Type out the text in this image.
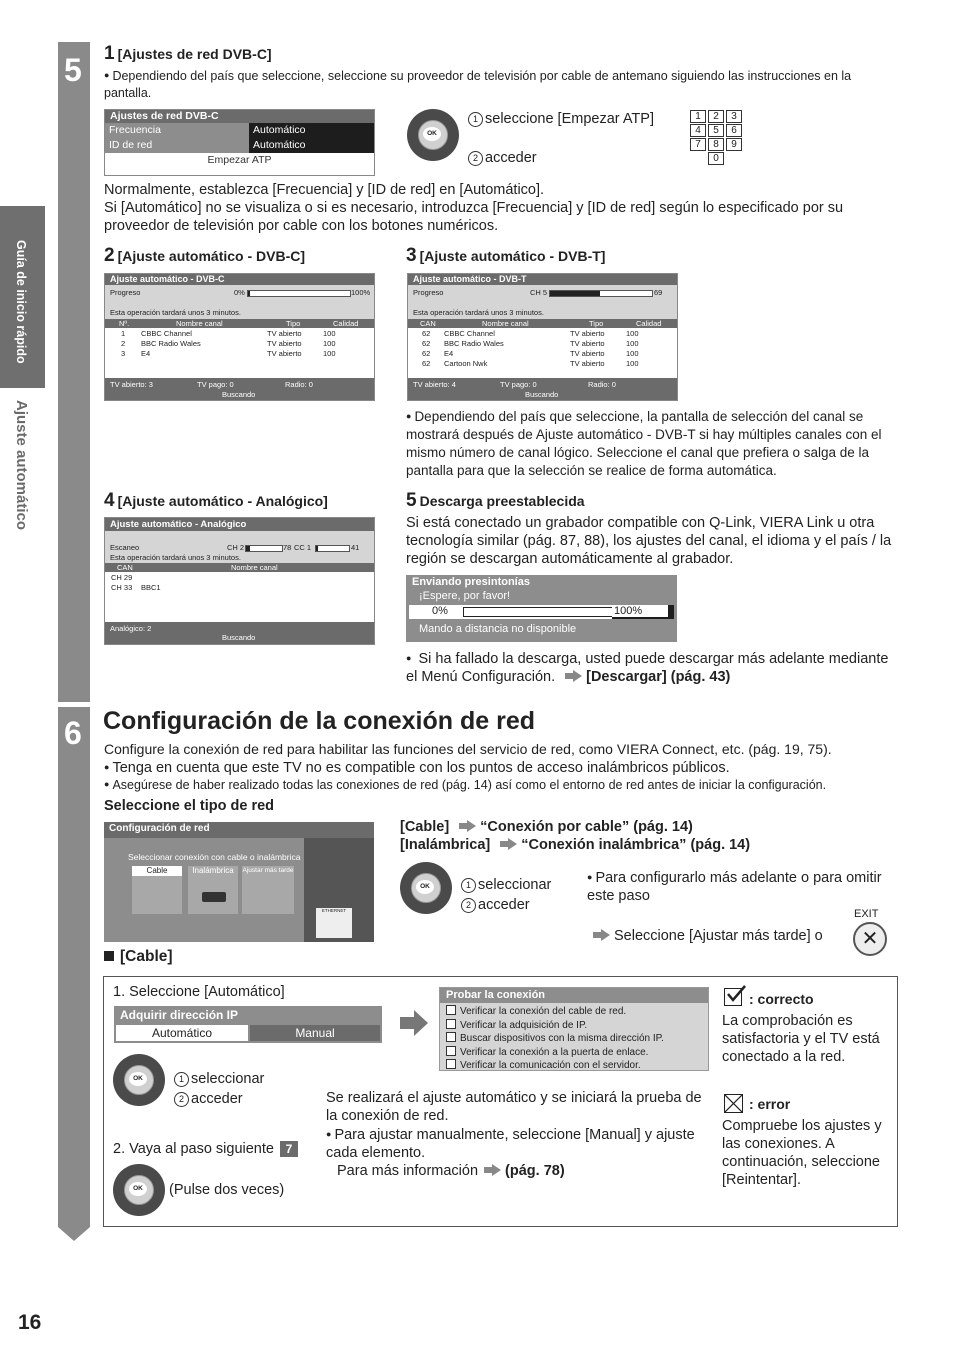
Guía de inicio rápido
Ajuste automático
5 1 [Ajustes de red DVB-C]
● Dependiendo del país que seleccione, seleccione su proveedor de televisión por cable de antemano siguiendo las instrucciones en la pantalla.
Ajustes de red DVB-C
Frecuencia	Automático
ID de red	Automático
Empezar ATP
OK
1 seleccione [Empezar ATP]
2 acceder
1	2	3
4	5	6
7	8	9
0
Normalmente, establezca [Frecuencia] y [ID de red] en [Automático].
Si [Automático] no se visualiza o si es necesario, introduzca [Frecuencia] y [ID de red] según lo especificado por su proveedor de televisión por cable con los botones numéricos.
2 [Ajuste automático - DVB-C]
Ajuste automático - DVB-C
Progreso	0%	100%
Esta operación tardará unos 3 minutos.
Nº.	Nombre canal	Tipo	Calidad
1 CBBC Channel	TV abierto	100
2 BBC Radio Wales	TV abierto	100
3 E4	TV abierto	100
TV abierto: 3	TV pago: 0	Radio: 0
Buscando
3 [Ajuste automático - DVB-T]
Ajuste automático - DVB-T
Progreso	CH 5	69
Esta operación tardará unos 3 minutos.
CAN	Nombre canal	Tipo	Calidad
62 CBBC Channel	TV abierto	100
62 BBC Radio Wales	TV abierto	100
62 E4	TV abierto	100
62 Cartoon Nwk	TV abierto	100
TV abierto: 4	TV pago: 0	Radio: 0
Buscando
● Dependiendo del país que seleccione, la pantalla de selección del canal se mostrará después de Ajuste automático - DVB-T si hay múltiples canales con el mismo número de canal lógico. Seleccione el canal que prefiera o salga de la pantalla para que la selección se realice de forma automática.
4 [Ajuste automático - Analógico]
Ajuste automático - Analógico
Escaneo	CH 2	78 CC 1	41
Esta operación tardará unos 3 minutos.
CAN	Nombre canal
CH 29
CH 33 BBC1
Analógico: 2
Buscando
5 Descarga preestablecida
Si está conectado un grabador compatible con Q-Link, VIERA Link u otra tecnología similar (pág. 87, 88), los ajustes del canal, el idioma y el país / la región se descargan automáticamente al grabador.
Enviando presintonías
¡Espere, por favor!
0%	100%
Mando a distancia no disponible
● Si ha fallado la descarga, usted puede descargar más adelante mediante el Menú Configuración. [Descargar] (pág. 43)
6 Configuración de la conexión de red
Configure la conexión de red para habilitar las funciones del servicio de red, como VIERA Connect, etc. (pág. 19, 75).
● Tenga en cuenta que este TV no es compatible con los puntos de acceso inalámbricos públicos.
● Asegúrese de haber realizado todas las conexiones de red (pág. 14) así como el entorno de red antes de iniciar la configuración.
Seleccione el tipo de red
Configuración de red
Seleccionar conexión con cable o inalámbrica
Cable	Inalámbrica	Ajustar más tarde
ETHERNET
[Cable] “Conexión por cable” (pág. 14)
[Inalámbrica] “Conexión inalámbrica” (pág. 14)
OK	1 seleccionar
2 acceder
● Para configurarlo más adelante o para omitir este paso
EXIT
Seleccione [Ajustar más tarde] o	✕
[Cable]
1. Seleccione [Automático]
Adquirir dirección IP
Automático	Manual
Probar la conexión
Verificar la conexión del cable de red.
Verificar la adquisición de IP.
Buscar dispositivos con la misma dirección IP.
Verificar la conexión a la puerta de enlace.
Verificar la comunicación con el servidor.
OK	1 seleccionar
2 acceder	Se realizará el ajuste automático y se iniciará la prueba de la conexión de red.
● Para ajustar manualmente, seleccione [Manual] y ajuste cada elemento.
Para más información (pág. 78)
2. Vaya al paso siguiente 7
OK (Pulse dos veces)
: correcto
La comprobación es satisfactoria y el TV está conectado a la red.
: error
Compruebe los ajustes y las conexiones. A continuación, seleccione [Reintentar].
16
